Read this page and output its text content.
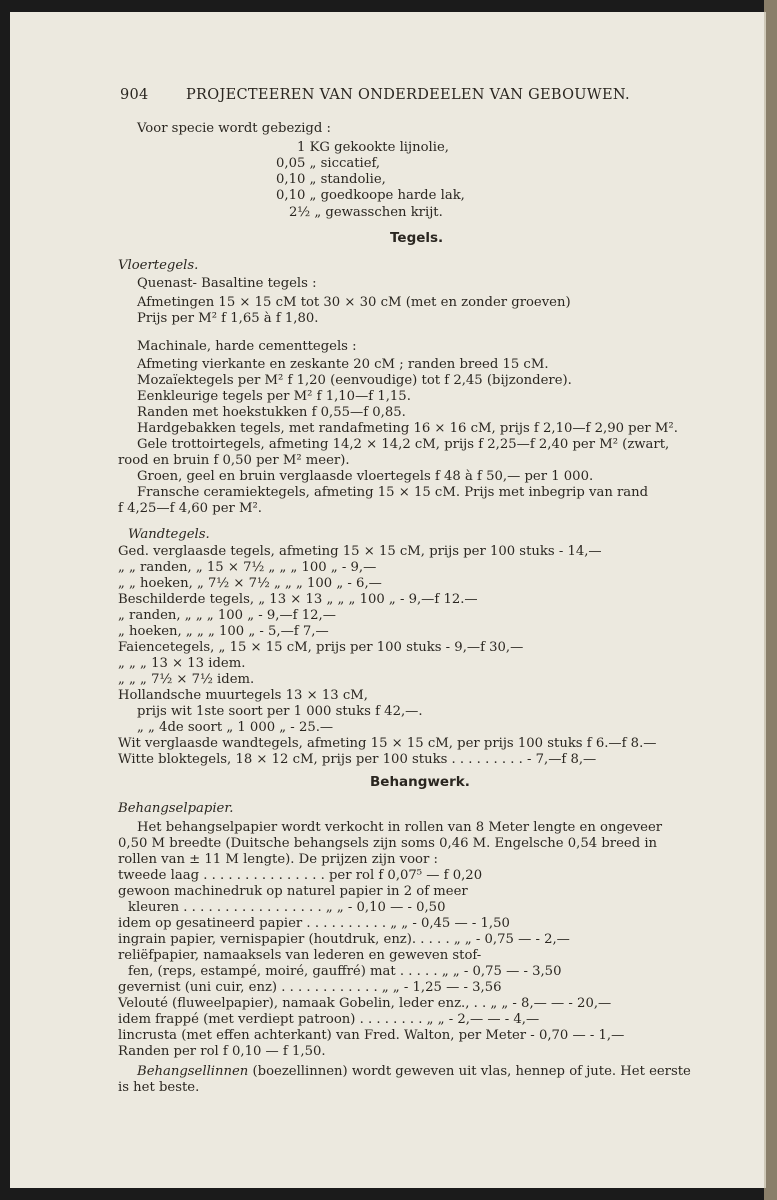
904	PROJECTEEREN VAN ONDERDEELEN VAN GEBOUWEN.
Voor specie wordt gebezigd :
1 KG gekookte lijnolie,
0,05 „ siccatief,
0,10 „ standolie,
0,10 „ goedkoope harde lak,
2½ „ gewasschen krijt.
Tegels.
Vloertegels.
Quenast- Basaltine tegels :
Afmetingen 15 × 15 cM tot 30 × 30 cM (met en zonder groeven)
Prijs per M² f 1,65 à f 1,80.
Machinale, harde cementtegels :
Afmeting vierkante en zeskante 20 cM ; randen breed 15 cM.
Mozaïektegels per M² f 1,20 (eenvoudige) tot f 2,45 (bijzondere).
Eenkleurige tegels per M² f 1,10—f 1,15.
Randen met hoekstukken f 0,55—f 0,85.
Hardgebakken tegels, met randafmeting 16 × 16 cM, prijs f 2,10—f 2,90 per M².
Gele trottoirtegels, afmeting 14,2 × 14,2 cM, prijs f 2,25—f 2,40 per M² (zwart,
rood en bruin f 0,50 per M² meer).
Groen, geel en bruin verglaasde vloertegels f 48 à f 50,— per 1 000.
Fransche ceramiektegels, afmeting 15 × 15 cM. Prijs met inbegrip van rand
f 4,25—f 4,60 per M².
Wandtegels.
Ged. verglaasde tegels, afmeting 15 × 15 cM, prijs per 100 stuks - 14,—
„ „ randen, „ 15 × 7½ „ „ „ 100 „ - 9,—
„ „ hoeken, „ 7½ × 7½ „ „ „ 100 „ - 6,—
Beschilderde tegels, „ 13 × 13 „ „ „ 100 „ - 9,—f 12.—
„ randen, „ „ „ 100 „ - 9,—f 12,—
„ hoeken, „ „ „ 100 „ - 5,—f 7,—
Faiencetegels, „ 15 × 15 cM, prijs per 100 stuks - 9,—f 30,—
„ „ „ 13 × 13 idem.
„ „ „ 7½ × 7½ idem.
Hollandsche muurtegels 13 × 13 cM,
prijs wit 1ste soort per 1 000 stuks f 42,—.
„ „ 4de soort „ 1 000 „ - 25.—
Wit verglaasde wandtegels, afmeting 15 × 15 cM, per prijs 100 stuks f 6.—f 8.—
Witte bloktegels, 18 × 12 cM, prijs per 100 stuks . . . . . . . . . - 7,—f 8,—
Behangwerk.
Behangselpapier.
Het behangselpapier wordt verkocht in rollen van 8 Meter lengte en ongeveer
0,50 M breedte (Duitsche behangsels zijn soms 0,46 M. Engelsche 0,54 breed in
rollen van ± 11 M lengte). De prijzen zijn voor :
tweede laag . . . . . . . . . . . . . . . per rol f 0,07⁵ — f 0,20
gewoon machinedruk op naturel papier in 2 of meer
kleuren . . . . . . . . . . . . . . . . . „ „ - 0,10 — - 0,50
idem op gesatineerd papier . . . . . . . . . . „ „ - 0,45 — - 1,50
ingrain papier, vernispapier (houtdruk, enz). . . . . „ „ - 0,75 — - 2,—
reliëfpapier, namaaksels van lederen en geweven stof-
fen, (reps, estampé, moiré, gauffré) mat . . . . . „ „ - 0,75 — - 3,50
gevernist (uni cuir, enz) . . . . . . . . . . . . „ „ - 1,25 — - 3,56
Velouté (fluweelpapier), namaak Gobelin, leder enz., . . „ „ - 8,— — - 20,—
idem frappé (met verdiept patroon) . . . . . . . . „ „ - 2,— — - 4,—
lincrusta (met effen achterkant) van Fred. Walton, per Meter - 0,70 — - 1,—
Randen per rol f 0,10 — f 1,50.
Behangsellinnen (boezellinnen) wordt geweven uit vlas, hennep of jute. Het eerste
is het beste.
